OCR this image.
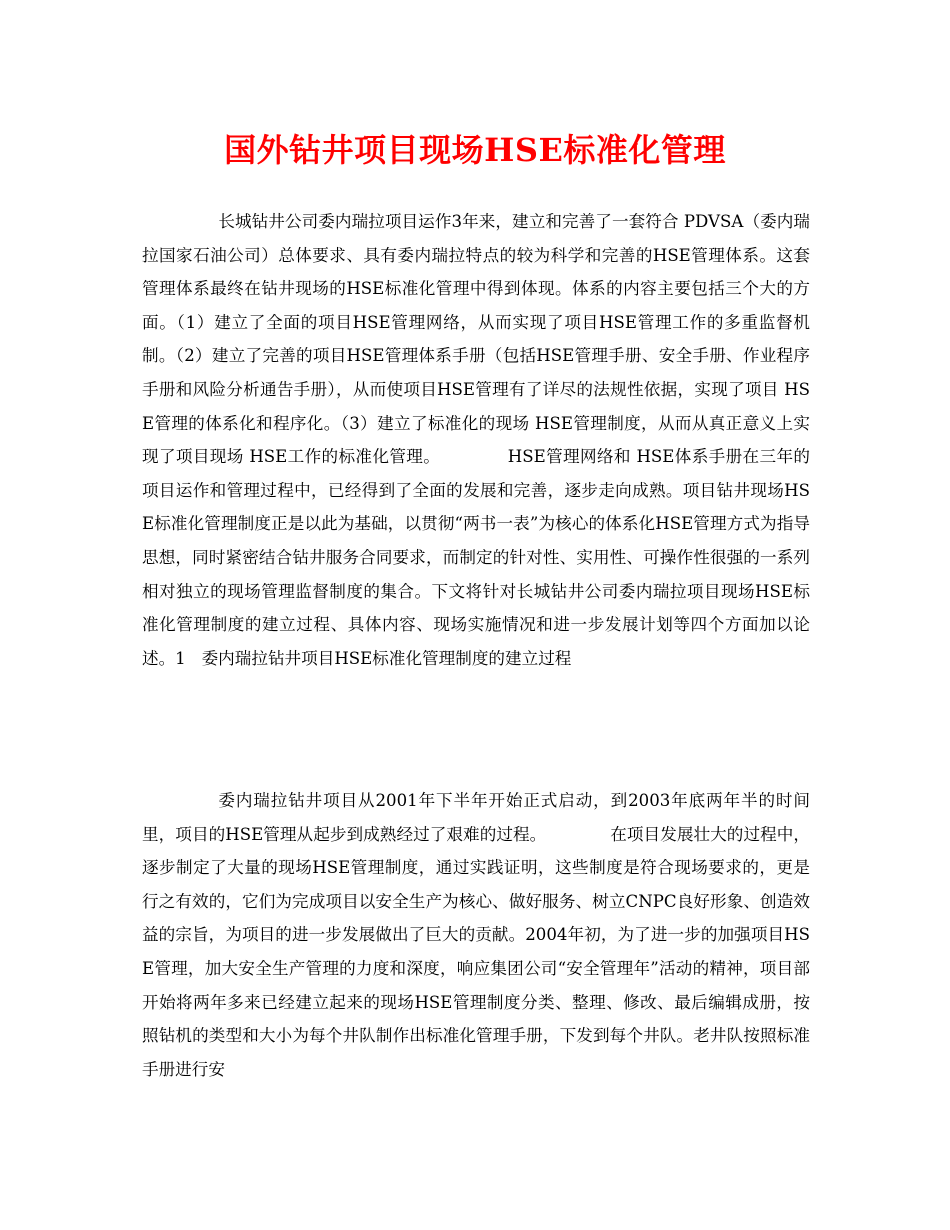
国外钻井项目现场HSE标准化管理

长城钻井公司委内瑞拉项目运作3年来，建立和完善了一套符合 PDVSA（委内瑞拉国家石油公司）总体要求、具有委内瑞拉特点的较为科学和完善的HSE管理体系。这套管理体系最终在钻井现场的HSE标准化管理中得到体现。体系的内容主要包括三个大的方面。（1）建立了全面的项目HSE管理网络，从而实现了项目HSE管理工作的多重监督机制。（2）建立了完善的项目HSE管理体系手册（包括HSE管理手册、安全手册、作业程序手册和风险分析通告手册），从而使项目HSE管理有了详尽的法规性依据，实现了项目 HSE管理的体系化和程序化。（3）建立了标准化的现场 HSE管理制度，从而从真正意义上实现了项目现场 HSE工作的标准化管理。            HSE管理网络和 HSE体系手册在三年的项目运作和管理过程中，已经得到了全面的发展和完善，逐步走向成熟。项目钻井现场HSE标准化管理制度正是以此为基础，以贯彻“两书一表”为核心的体系化HSE管理方式为指导思想，同时紧密结合钻井服务合同要求，而制定的针对性、实用性、可操作性很强的一系列相对独立的现场管理监督制度的集合。下文将针对长城钻井公司委内瑞拉项目现场HSE标准化管理制度的建立过程、具体内容、现场实施情况和进一步发展计划等四个方面加以论述。1   委内瑞拉钻井项目HSE标准化管理制度的建立过程

委内瑞拉钻井项目从2001年下半年开始正式启动，到2003年底两年半的时间里，项目的HSE管理从起步到成熟经过了艰难的过程。            在项目发展壮大的过程中，逐步制定了大量的现场HSE管理制度，通过实践证明，这些制度是符合现场要求的，更是行之有效的，它们为完成项目以安全生产为核心、做好服务、树立CNPC良好形象、创造效益的宗旨，为项目的进一步发展做出了巨大的贡献。2004年初，为了进一步的加强项目HSE管理，加大安全生产管理的力度和深度，响应集团公司“安全管理年”活动的精神，项目部开始将两年多来已经建立起来的现场HSE管理制度分类、整理、修改、最后编辑成册，按照钻机的类型和大小为每个井队制作出标准化管理手册，下发到每个井队。老井队按照标准手册进行安
